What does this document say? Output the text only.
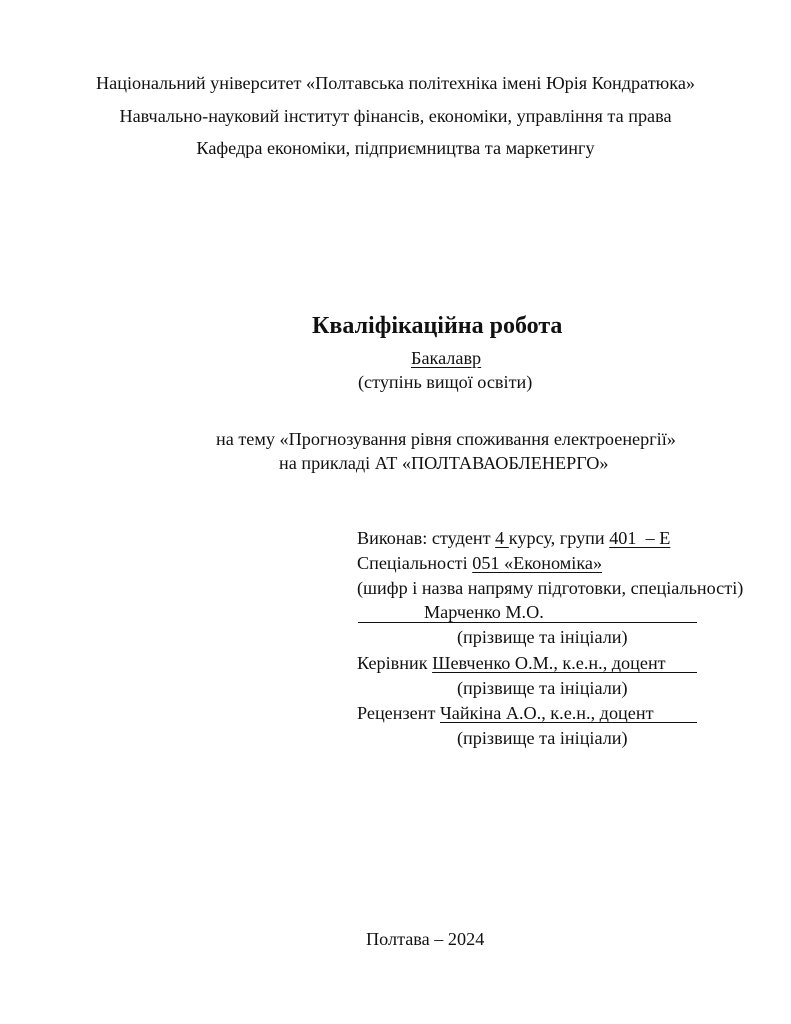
Національний університет «Полтавська політехніка імені Юрія Кондратюка»
Навчально-науковий інститут фінансів, економіки, управління та права
Кафедра економіки, підприємництва та маркетингу
Кваліфікаційна робота
Бакалавр
(ступінь вищої освіти)
на тему «Прогнозування рівня споживання електроенергії»
на прикладі АТ «ПОЛТАВАОБЛЕНЕРГО»
Виконав: студент 4 курсу, групи 401  – Е
Спеціальності 051 «Економіка»
(шифр і назва напряму підготовки, спеціальності)
Марченко М.О.
(прізвище та ініціали)
Керівник Шевченко О.М., к.е.н., доцент
(прізвище та ініціали)
Рецензент Чайкіна А.О., к.е.н., доцент
(прізвище та ініціали)
Полтава – 2024
